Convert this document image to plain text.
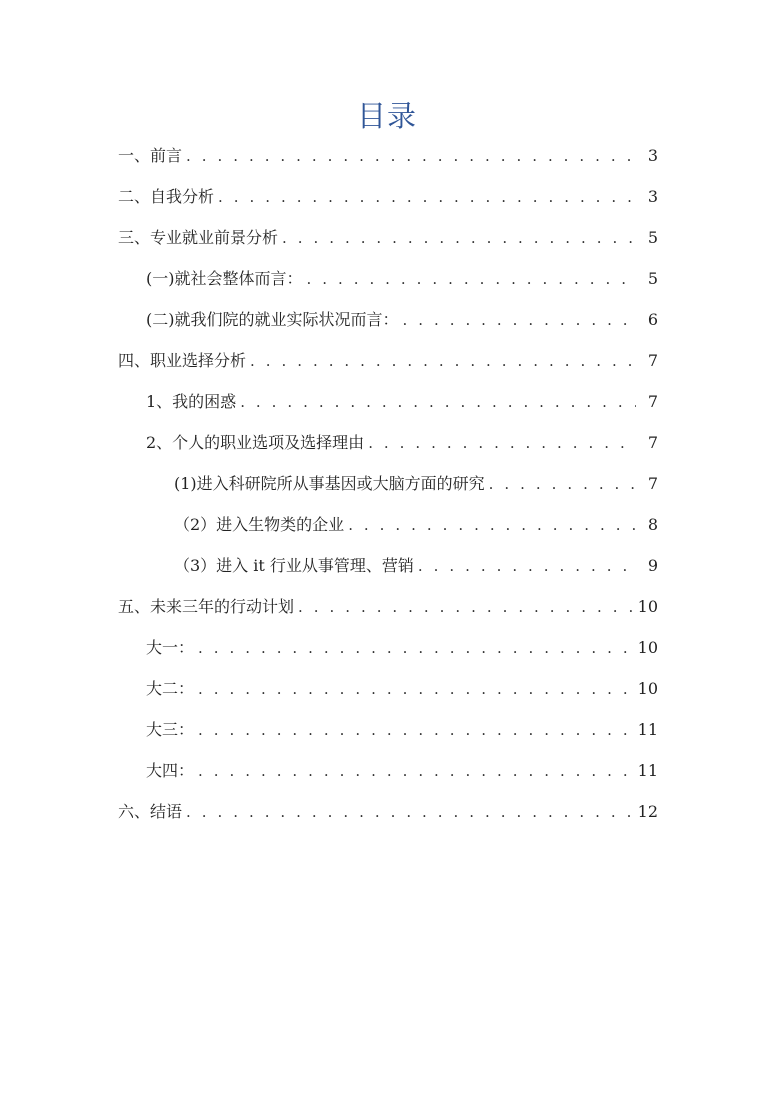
目录
一、前言 . . .	3
二、自我分析 . . .	3
三、专业就业前景分析 . . .	5
(一)就社会整体而言： . . .	5
(二)就我们院的就业实际状况而言： . . .	6
四、职业选择分析 . . .	7
1、我的困惑 . . .	7
2、个人的职业选项及选择理由 . . .	7
(1)进入科研院所从事基因或大脑方面的研究 . . .	7
（2）进入生物类的企业 . . .	8
（3）进入 it 行业从事管理、营销 . . .	9
五、未来三年的行动计划 . . .	10
大一： . . .	10
大二： . . .	10
大三： . . .	11
大四： . . .	11
六、结语 . . .	12
